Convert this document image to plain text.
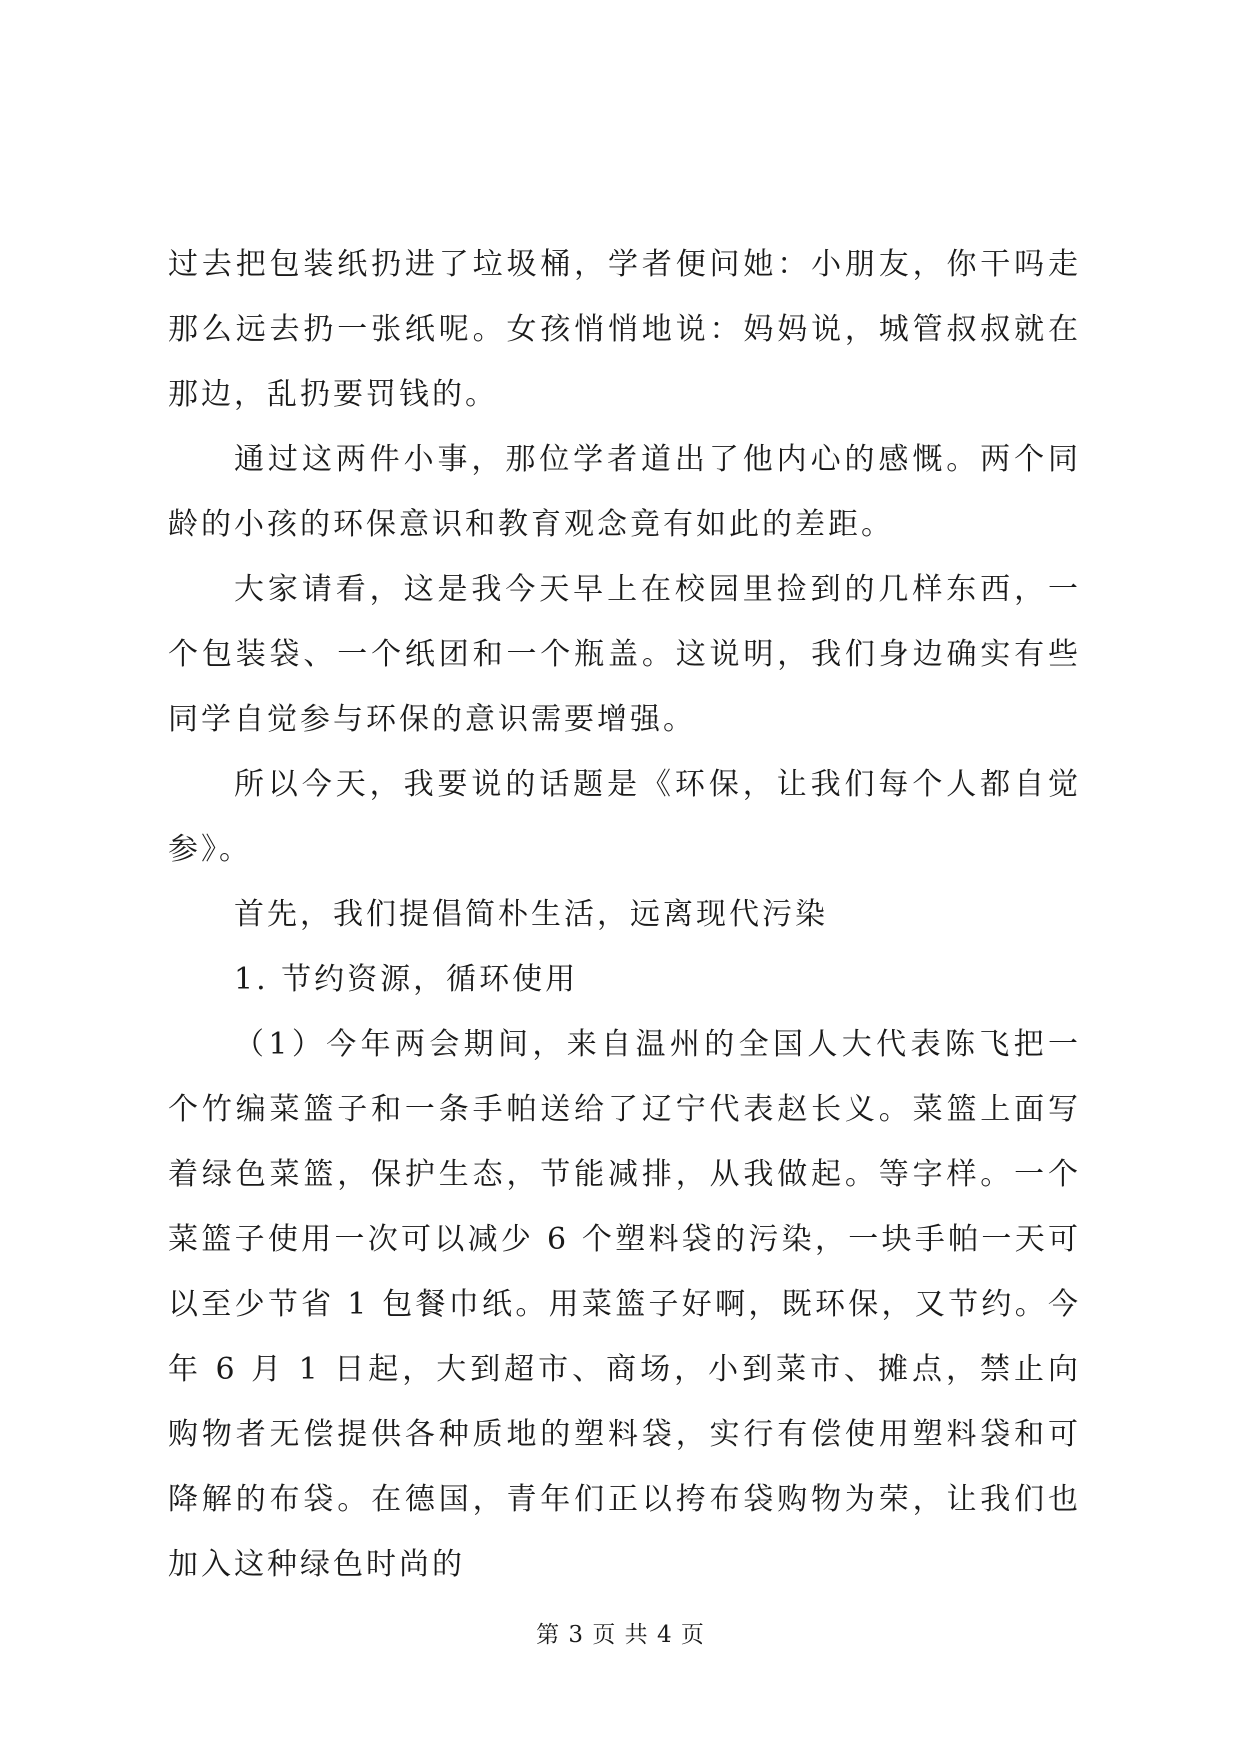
过去把包装纸扔进了垃圾桶，学者便问她：小朋友，你干吗走那么远去扔一张纸呢。女孩悄悄地说：妈妈说，城管叔叔就在那边，乱扔要罚钱的。

通过这两件小事，那位学者道出了他内心的感慨。两个同龄的小孩的环保意识和教育观念竟有如此的差距。

大家请看，这是我今天早上在校园里捡到的几样东西，一个包装袋、一个纸团和一个瓶盖。这说明，我们身边确实有些同学自觉参与环保的意识需要增强。

所以今天，我要说的话题是《环保，让我们每个人都自觉参》。

首先，我们提倡简朴生活，远离现代污染

1. 节约资源，循环使用

（1）今年两会期间，来自温州的全国人大代表陈飞把一个竹编菜篮子和一条手帕送给了辽宁代表赵长义。菜篮上面写着绿色菜篮，保护生态，节能减排，从我做起。等字样。一个菜篮子使用一次可以减少 6 个塑料袋的污染，一块手帕一天可以至少节省 1 包餐巾纸。用菜篮子好啊，既环保，又节约。今年 6 月 1 日起，大到超市、商场，小到菜市、摊点，禁止向购物者无偿提供各种质地的塑料袋，实行有偿使用塑料袋和可降解的布袋。在德国，青年们正以挎布袋购物为荣，让我们也加入这种绿色时尚的

第 3 页 共 4 页
